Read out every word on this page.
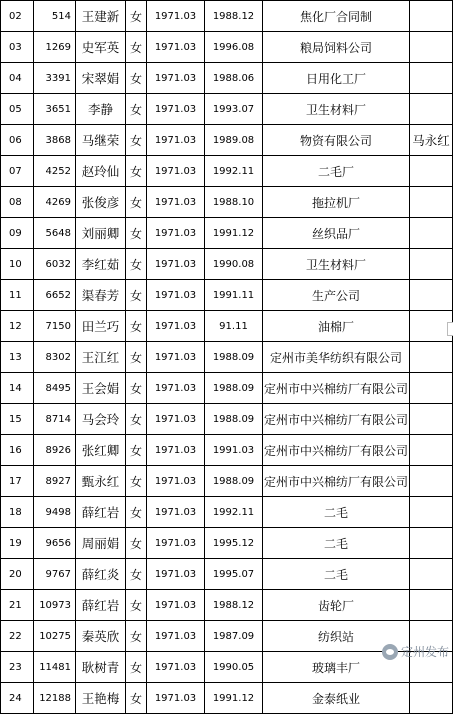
02	514	王建新	女	1971.03	1988.12	焦化厂合同制	
03	1269	史军英	女	1971.03	1996.08	粮局饲料公司	
04	3391	宋翠娟	女	1971.03	1988.06	日用化工厂	
05	3651	李静	女	1971.03	1993.07	卫生材料厂	
06	3868	马继荣	女	1971.03	1989.08	物资有限公司	马永红
07	4252	赵玲仙	女	1971.03	1992.11	二毛厂	
08	4269	张俊彦	女	1971.03	1988.10	拖拉机厂	
09	5648	刘丽卿	女	1971.03	1991.12	丝织品厂	
10	6032	李红茹	女	1971.03	1990.08	卫生材料厂	
11	6652	渠春芳	女	1971.03	1991.11	生产公司	
12	7150	田兰巧	女	1971.03	91.11	油棉厂	
13	8302	王江红	女	1971.03	1988.09	定州市美华纺织有限公司	
14	8495	王会娟	女	1971.03	1988.09	定州市中兴棉纺厂有限公司	
15	8714	马会玲	女	1971.03	1988.09	定州市中兴棉纺厂有限公司	
16	8926	张红卿	女	1971.03	1991.03	定州市中兴棉纺厂有限公司	
17	8927	甄永红	女	1971.03	1988.09	定州市中兴棉纺厂有限公司	
18	9498	薛红岩	女	1971.03	1992.11	二毛	
19	9656	周丽娟	女	1971.03	1995.12	二毛	
20	9767	薛红炎	女	1971.03	1995.07	二毛	
21	10973	薛红岩	女	1971.03	1988.12	齿轮厂	
22	10275	秦英欣	女	1971.03	1987.09	纺织站	
23	11481	耿树青	女	1971.03	1990.05	玻璃丰厂	
24	12188	王艳梅	女	1971.03	1991.12	金泰纸业	
定州发布
